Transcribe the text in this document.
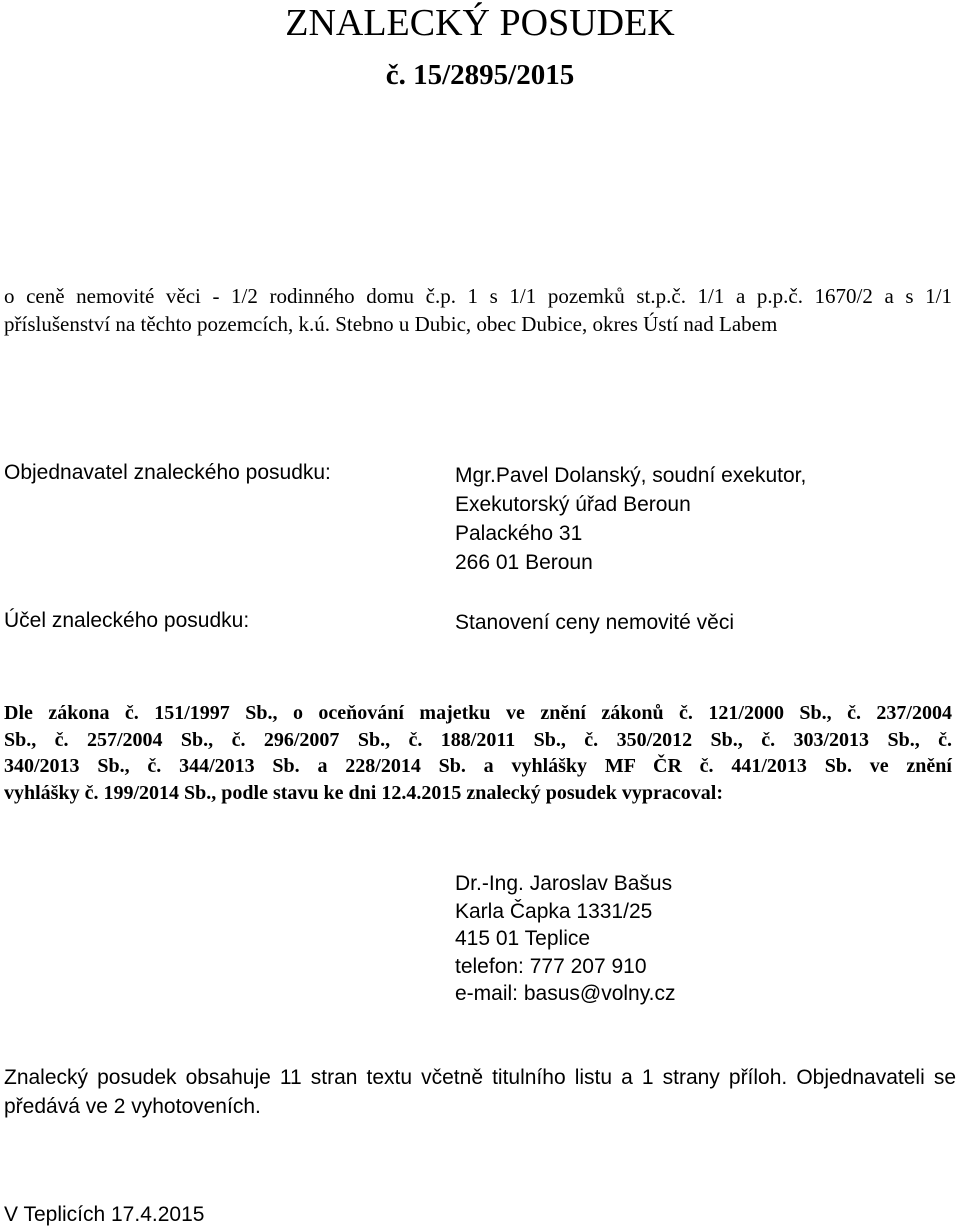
ZNALECKÝ POSUDEK
č. 15/2895/2015
o ceně nemovité věci - 1/2 rodinného domu č.p. 1 s 1/1 pozemků st.p.č. 1/1 a p.p.č. 1670/2 a s 1/1
příslušenství na těchto pozemcích, k.ú. Stebno u Dubic, obec Dubice, okres Ústí nad Labem
Objednavatel znaleckého posudku:	Mgr.Pavel Dolanský, soudní exekutor,
Exekutorský úřad Beroun
Palackého 31
266 01 Beroun
Účel znaleckého posudku:	Stanovení ceny nemovité věci
Dle zákona č. 151/1997 Sb., o oceňování majetku ve znění zákonů č. 121/2000 Sb., č. 237/2004
Sb., č. 257/2004 Sb., č. 296/2007 Sb., č. 188/2011 Sb., č. 350/2012 Sb., č. 303/2013 Sb., č.
340/2013 Sb., č. 344/2013 Sb. a 228/2014 Sb. a vyhlášky MF ČR č. 441/2013 Sb. ve znění
vyhlášky č. 199/2014 Sb., podle stavu ke dni 12.4.2015 znalecký posudek vypracoval:
Dr.-Ing. Jaroslav Bašus
Karla Čapka 1331/25
415 01 Teplice
telefon: 777 207 910
e-mail: basus@volny.cz
Znalecký posudek obsahuje 11 stran textu včetně titulního listu a 1 strany příloh. Objednavateli se
předává ve 2 vyhotoveních.
V Teplicích 17.4.2015
